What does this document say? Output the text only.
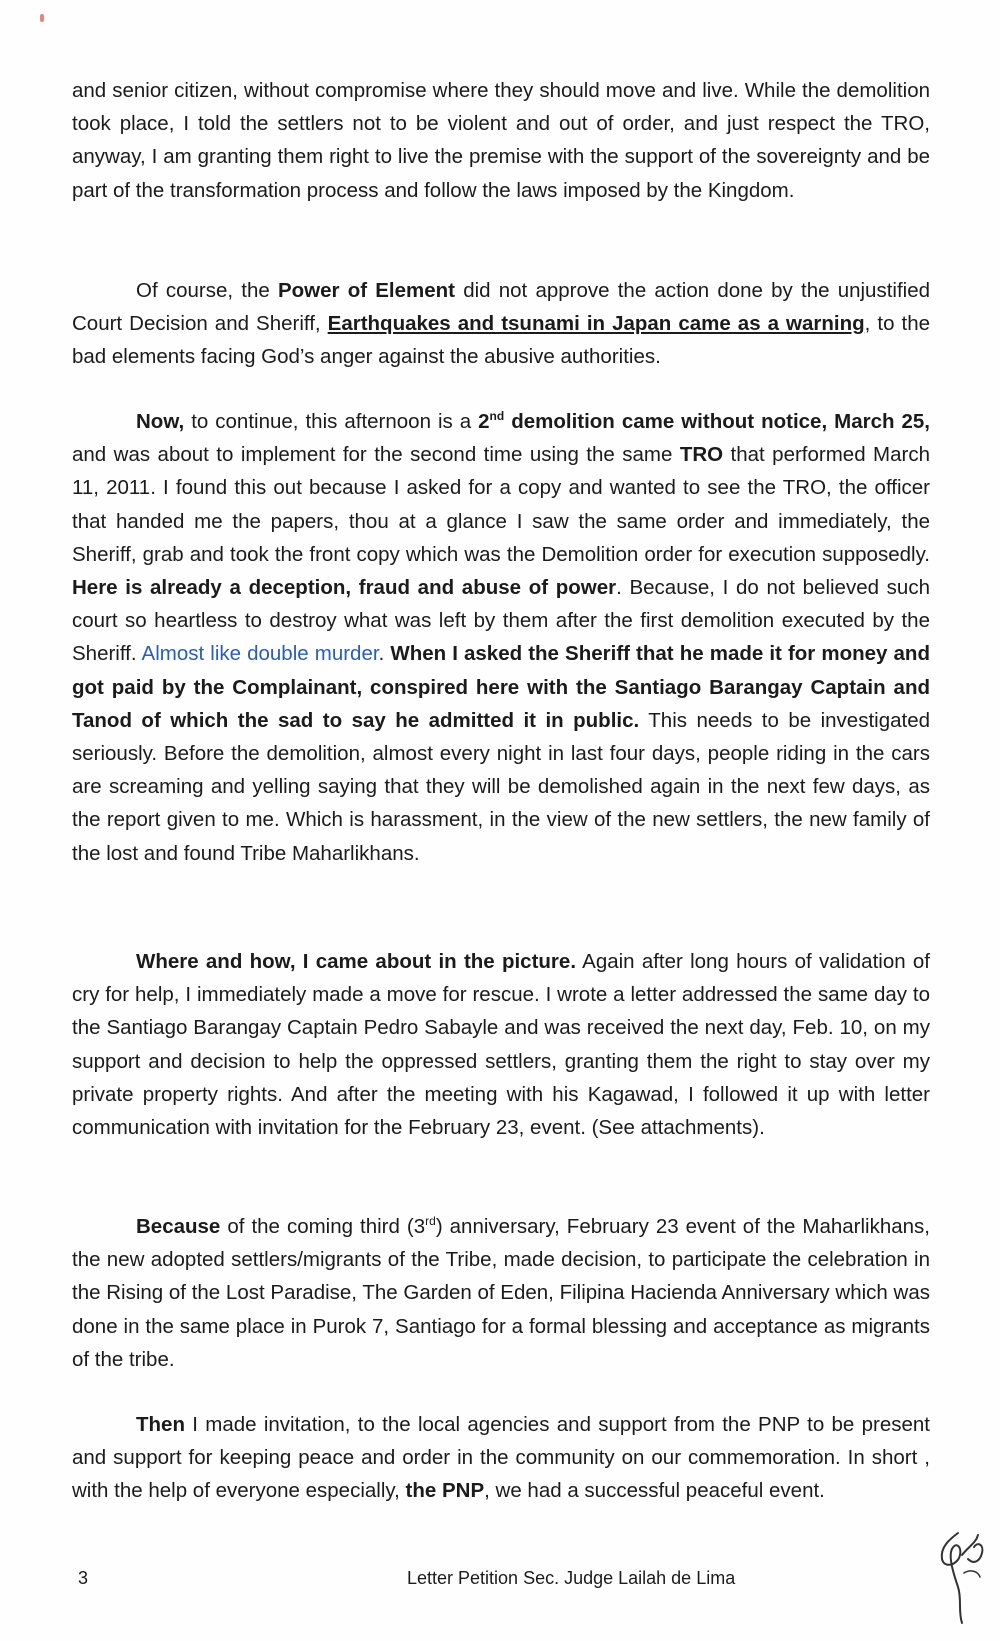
and senior citizen, without compromise where they should move and live. While the demolition took place, I told the settlers not to be violent and out of order, and just respect the TRO, anyway, I am granting them right to live the premise with the support of the sovereignty and be part of the transformation process and follow the laws imposed by the Kingdom.

Of course, the Power of Element did not approve the action done by the unjustified Court Decision and Sheriff, Earthquakes and tsunami in Japan came as a warning, to the bad elements facing God’s anger against the abusive authorities.

Now, to continue, this afternoon is a 2nd demolition came without notice, March 25, and was about to implement for the second time using the same TRO that performed March 11, 2011. I found this out because I asked for a copy and wanted to see the TRO, the officer that handed me the papers, thou at a glance I saw the same order and immediately, the Sheriff, grab and took the front copy which was the Demolition order for execution supposedly. Here is already a deception, fraud and abuse of power. Because, I do not believed such court so heartless to destroy what was left by them after the first demolition executed by the Sheriff. Almost like double murder. When I asked the Sheriff that he made it for money and got paid by the Complainant, conspired here with the Santiago Barangay Captain and Tanod of which the sad to say he admitted it in public. This needs to be investigated seriously. Before the demolition, almost every night in last four days, people riding in the cars are screaming and yelling saying that they will be demolished again in the next few days, as the report given to me. Which is harassment, in the view of the new settlers, the new family of the lost and found Tribe Maharlikhans.

Where and how, I came about in the picture. Again after long hours of validation of cry for help, I immediately made a move for rescue. I wrote a letter addressed the same day to the Santiago Barangay Captain Pedro Sabayle and was received the next day, Feb. 10, on my support and decision to help the oppressed settlers, granting them the right to stay over my private property rights. And after the meeting with his Kagawad, I followed it up with letter communication with invitation for the February 23, event. (See attachments).

Because of the coming third (3rd) anniversary, February 23 event of the Maharlikhans, the new adopted settlers/migrants of the Tribe, made decision, to participate the celebration in the Rising of the Lost Paradise, The Garden of Eden, Filipina Hacienda Anniversary which was done in the same place in Purok 7, Santiago for a formal blessing and acceptance as migrants of the tribe.

Then I made invitation, to the local agencies and support from the PNP to be present and support for keeping peace and order in the community on our commemoration. In short , with the help of everyone especially, the PNP, we had a successful peaceful event.

3	Letter Petition Sec. Judge Lailah de Lima
